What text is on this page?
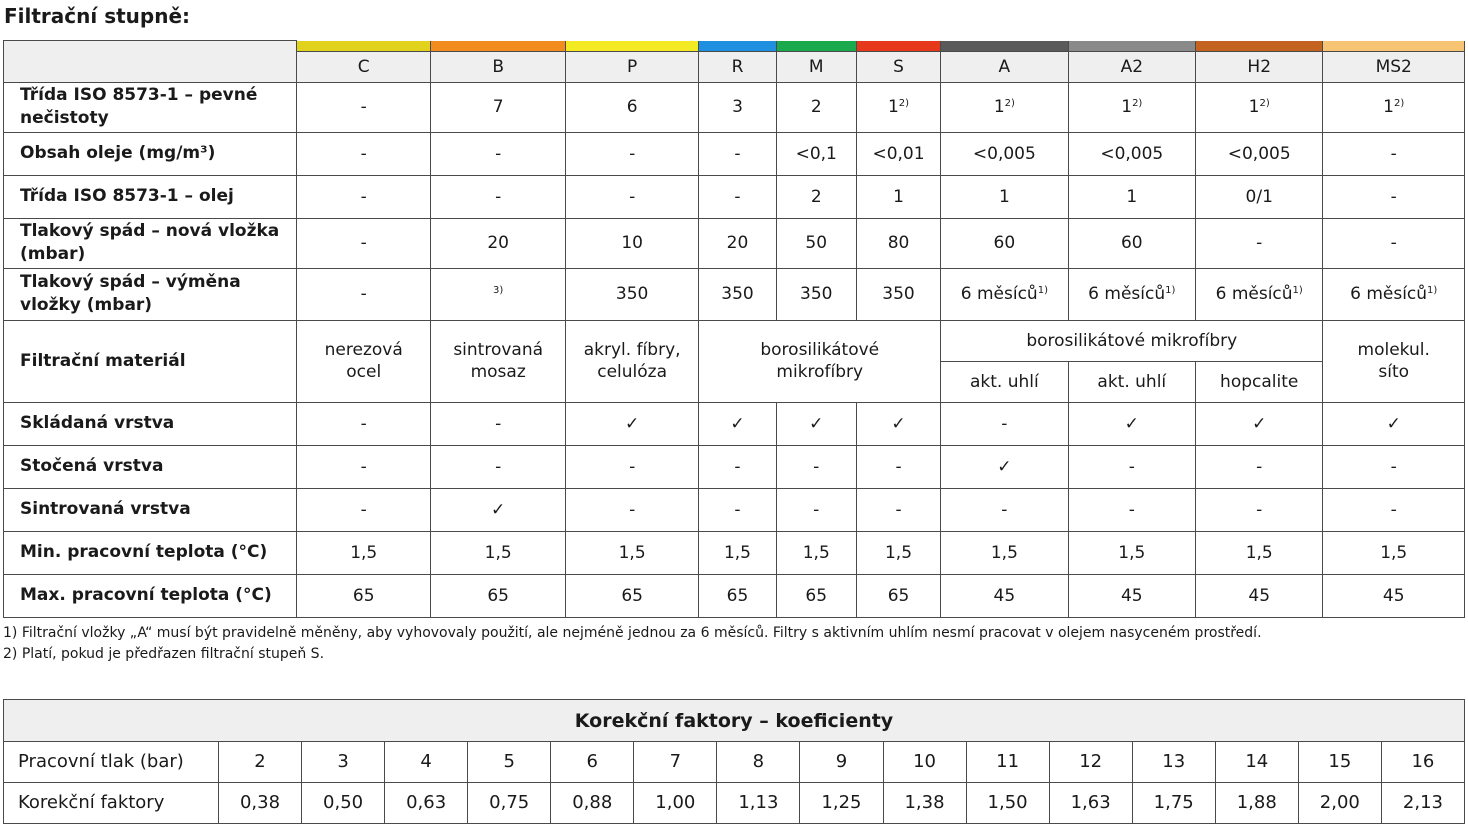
Filtrační stupně:

	C	B	P	R	M	S	A	A2	H2	MS2
Třída ISO 8573-1 – pevné nečistoty	-	7	6	3	2	1$^{2)}$	1$^{2)}$	1$^{2)}$	1$^{2)}$	1$^{2)}$
Obsah oleje (mg/m³)	-	-	-	-	<0,1	<0,01	<0,005	<0,005	<0,005	-
Třída ISO 8573-1 – olej	-	-	-	-	2	1	1	1	0/1	-
Tlakový spád – nová vložka (mbar)	-	20	10	20	50	80	60	60	-	-
Tlakový spád – výměna vložky (mbar)	-	$^{3)}$	350	350	350	350	6 měsíců$^{1)}$	6 měsíců$^{1)}$	6 měsíců$^{1)}$	6 měsíců$^{1)}$
Filtrační materiál	nerezová ocel	sintrovaná mosaz	akryl. fíbry, celulóza	borosilikátové mikrofíbry			borosilikátové mikrofíbry			molekul. síto
							akt. uhlí	akt. uhlí	hopcalite	
Skládaná vrstva	-	-	✓	✓	✓	✓	-	✓	✓	✓
Stočená vrstva	-	-	-	-	-	-	✓	-	-	-
Sintrovaná vrstva	-	✓	-	-	-	-	-	-	-	-
Min. pracovní teplota (°C)	1,5	1,5	1,5	1,5	1,5	1,5	1,5	1,5	1,5	1,5
Max. pracovní teplota (°C)	65	65	65	65	65	65	45	45	45	45
1) Filtrační vložky „A“ musí být pravidelně měněny, aby vyhovovaly použití, ale nejméně jednou za 6 měsíců. Filtry s aktivním uhlím nesmí pracovat v olejem nasyceném prostředí.
2) Platí, pokud je předřazen filtrační stupeň S.
Korekční faktory – koeficienty															
Pracovní tlak (bar)	2	3	4	5	6	7	8	9	10	11	12	13	14	15	16
Korekční faktory	0,38	0,50	0,63	0,75	0,88	1,00	1,13	1,25	1,38	1,50	1,63	1,75	1,88	2,00	2,13
